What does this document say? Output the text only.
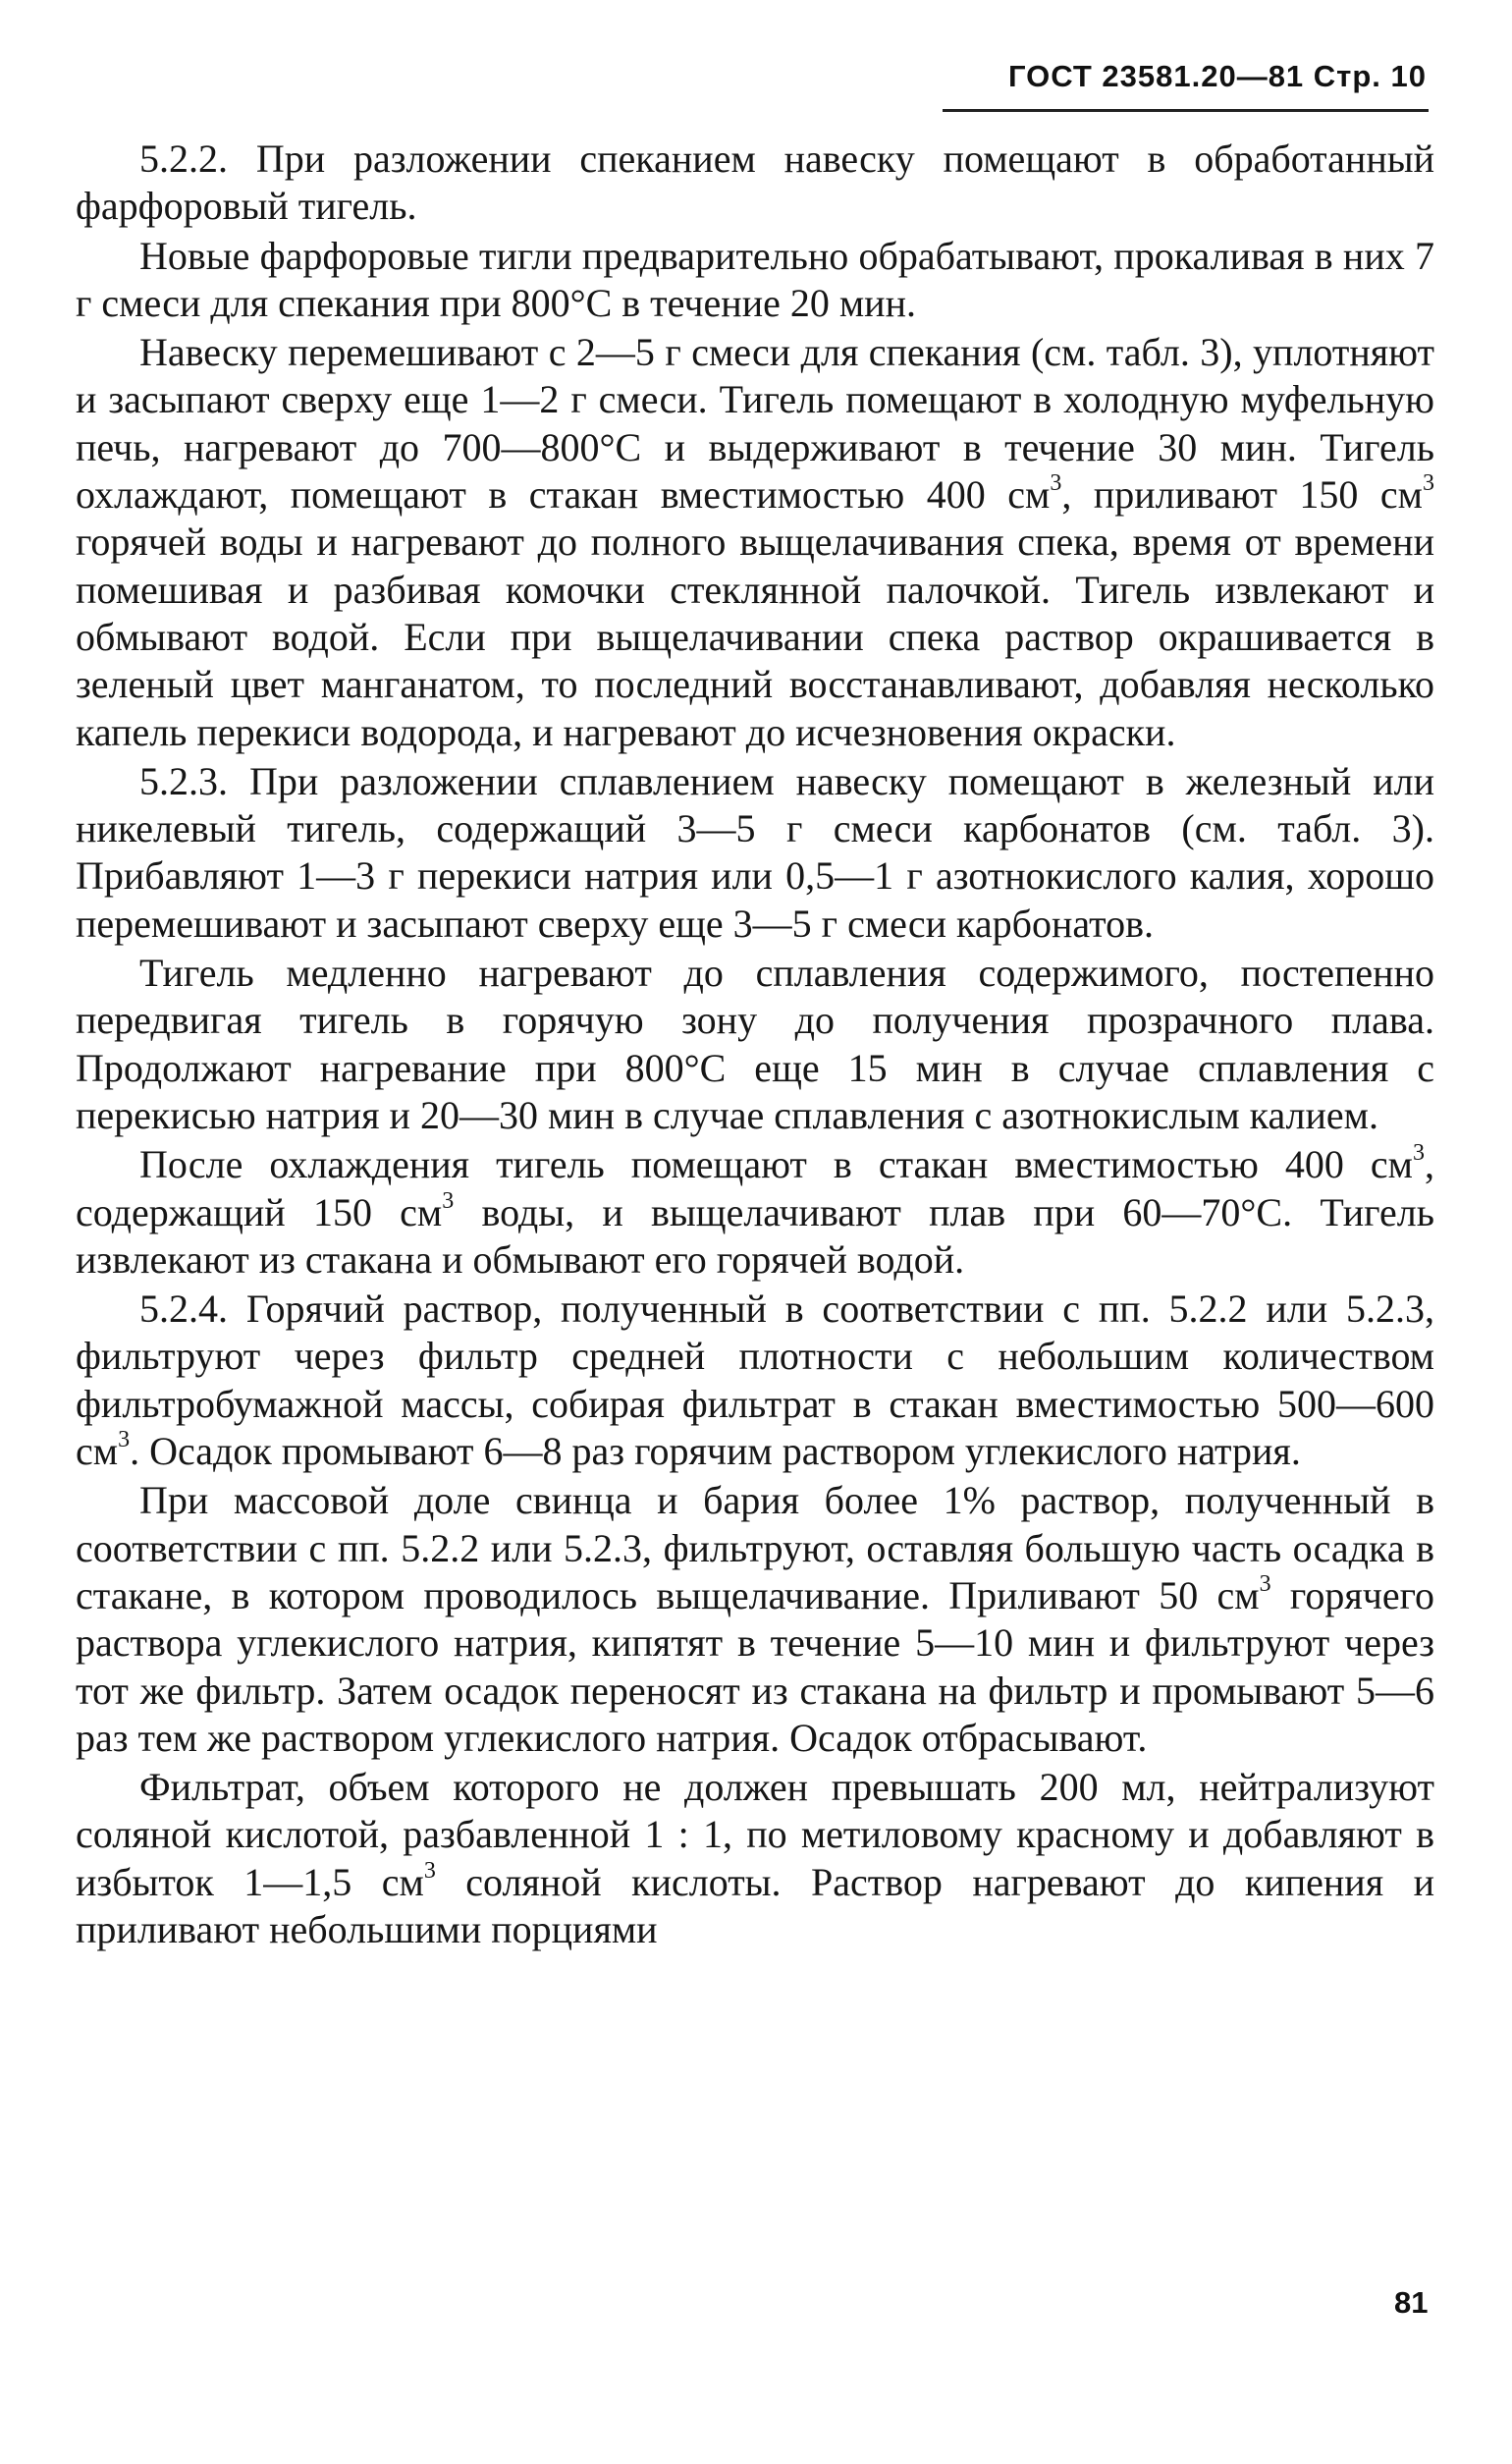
ГОСТ 23581.20—81 Стр. 10

5.2.2. При разложении спеканием навеску помещают в обработанный фарфоровый тигель.

Новые фарфоровые тигли предварительно обрабатывают, прокаливая в них 7 г смеси для спекания при 800°С в течение 20 мин.

Навеску перемешивают с 2—5 г смеси для спекания (см. табл. 3), уплотняют и засыпают сверху еще 1—2 г смеси. Тигель помещают в холодную муфельную печь, нагревают до 700—800°С и выдерживают в течение 30 мин. Тигель охлаждают, помещают в стакан вместимостью 400 $см^3$, приливают 150 $см^3$ горячей воды и нагревают до полного выщелачивания спека, время от времени помешивая и разбивая комочки стеклянной палочкой. Тигель извлекают и обмывают водой. Если при выщелачивании спека раствор окрашивается в зеленый цвет манганатом, то последний восстанавливают, добавляя несколько капель перекиси водорода, и нагревают до исчезновения окраски.

5.2.3. При разложении сплавлением навеску помещают в железный или никелевый тигель, содержащий 3—5 г смеси карбонатов (см. табл. 3). Прибавляют 1—3 г перекиси натрия или 0,5—1 г азотнокислого калия, хорошо перемешивают и засыпают сверху еще 3—5 г смеси карбонатов.

Тигель медленно нагревают до сплавления содержимого, постепенно передвигая тигель в горячую зону до получения прозрачного плава. Продолжают нагревание при 800°С еще 15 мин в случае сплавления с перекисью натрия и 20—30 мин в случае сплавления с азотнокислым калием.

После охлаждения тигель помещают в стакан вместимостью 400 $см^3$, содержащий 150 $см^3$ воды, и выщелачивают плав при 60—70°С. Тигель извлекают из стакана и обмывают его горячей водой.

5.2.4. Горячий раствор, полученный в соответствии с пп. 5.2.2 или 5.2.3, фильтруют через фильтр средней плотности с небольшим количеством фильтробумажной массы, собирая фильтрат в стакан вместимостью 500—600 $см^3$. Осадок промывают 6—8 раз горячим раствором углекислого натрия.

При массовой доле свинца и бария более 1% раствор, полученный в соответствии с пп. 5.2.2 или 5.2.3, фильтруют, оставляя большую часть осадка в стакане, в котором проводилось выщелачивание. Приливают 50 $см^3$ горячего раствора углекислого натрия, кипятят в течение 5—10 мин и фильтруют через тот же фильтр. Затем осадок переносят из стакана на фильтр и промывают 5—6 раз тем же раствором углекислого натрия. Осадок отбрасывают.

Фильтрат, объем которого не должен превышать 200 мл, нейтрализуют соляной кислотой, разбавленной 1 : 1, по метиловому красному и добавляют в избыток 1—1,5 $см^3$ соляной кислоты. Раствор нагревают до кипения и приливают небольшими порциями

81
